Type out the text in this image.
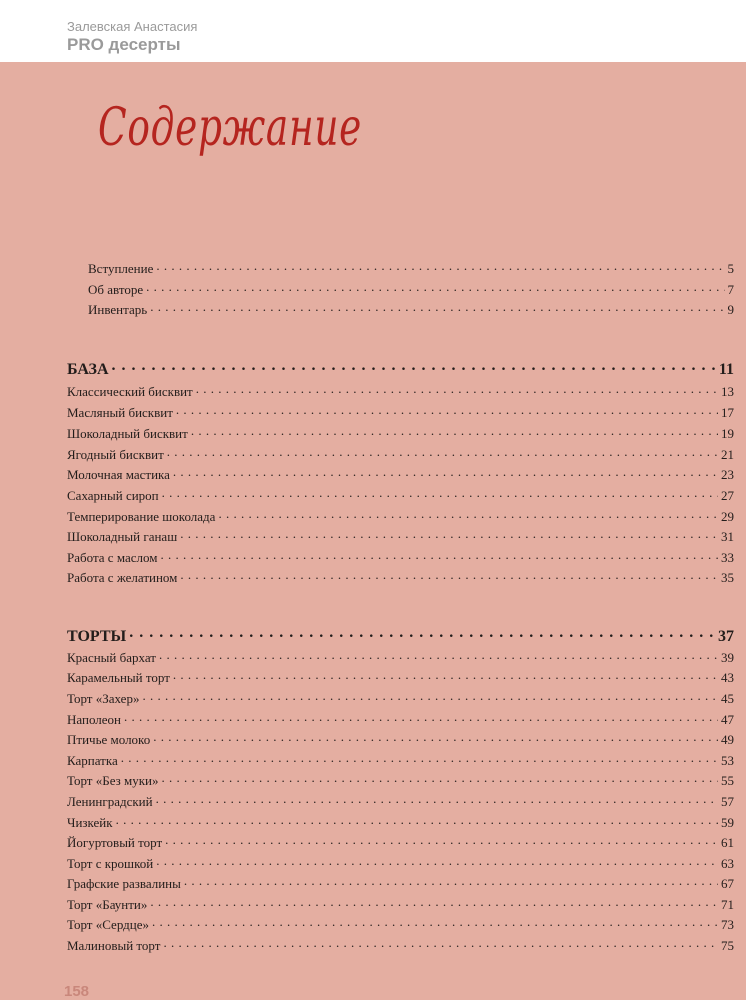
Залевская Анастасия
PRO десерты
Содержание
Вступление . . .	5
Об авторе . . .	7
Инвентарь . . .	9
БАЗА . . .	11
Классический бисквит . . .	13
Масляный бисквит . . .	17
Шоколадный бисквит . . .	19
Ягодный бисквит . . .	21
Молочная мастика . . .	23
Сахарный сироп . . .	27
Темперирование шоколада . . .	29
Шоколадный ганаш . . .	31
Работа с маслом . . .	33
Работа с желатином . . .	35
ТОРТЫ . . .	37
Красный бархат . . .	39
Карамельный торт . . .	43
Торт «Захер» . . .	45
Наполеон . . .	47
Птичье молоко . . .	49
Карпатка . . .	53
Торт «Без муки» . . .	55
Ленинградский . . .	57
Чизкейк . . .	59
Йогуртовый торт . . .	61
Торт с крошкой . . .	63
Графские развалины . . .	67
Торт «Баунти» . . .	71
Торт «Сердце» . . .	73
Малиновый торт . . .	75
158
